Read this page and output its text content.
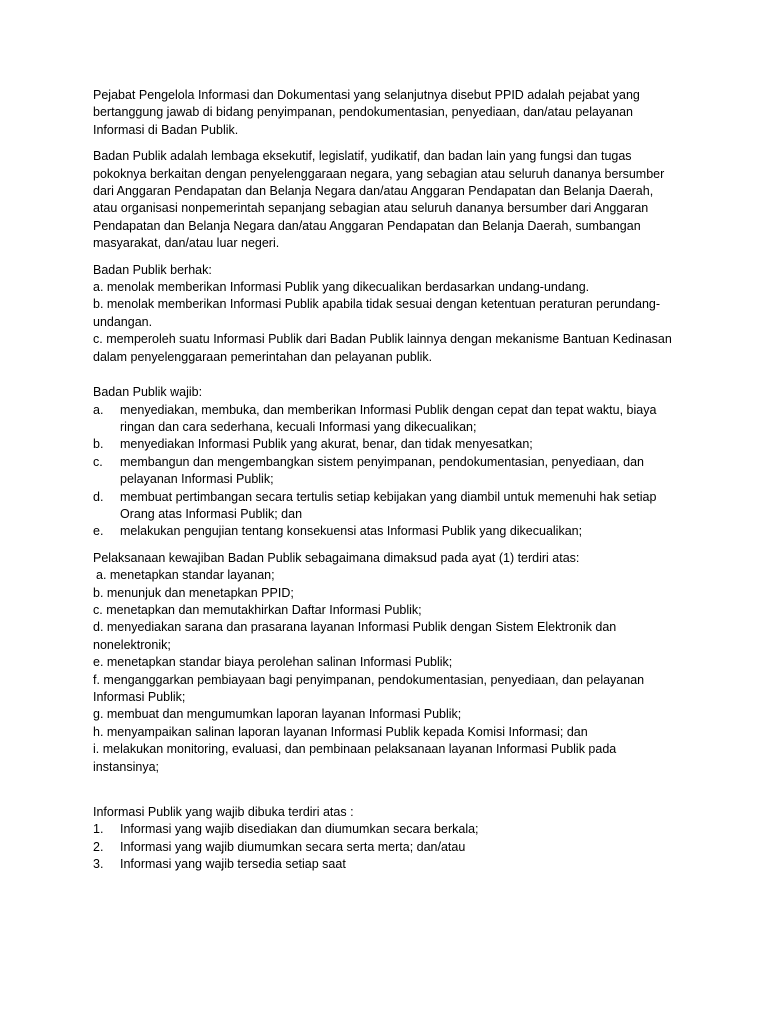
Pejabat Pengelola Informasi dan Dokumentasi yang selanjutnya disebut PPID adalah pejabat yang bertanggung jawab di bidang penyimpanan, pendokumentasian, penyediaan, dan/atau pelayanan Informasi di Badan Publik.

Badan Publik adalah lembaga eksekutif, legislatif, yudikatif, dan badan lain yang fungsi dan tugas pokoknya berkaitan dengan penyelenggaraan negara, yang sebagian atau seluruh dananya bersumber dari Anggaran Pendapatan dan Belanja Negara dan/atau Anggaran Pendapatan dan Belanja Daerah, atau organisasi nonpemerintah sepanjang sebagian atau seluruh dananya bersumber dari Anggaran Pendapatan dan Belanja Negara dan/atau Anggaran Pendapatan dan Belanja Daerah, sumbangan masyarakat, dan/atau luar negeri.

Badan Publik berhak:

a. menolak memberikan Informasi Publik yang dikecualikan berdasarkan undang-undang.

b. menolak memberikan Informasi Publik apabila tidak sesuai dengan ketentuan peraturan perundang-undangan.

c. memperoleh suatu Informasi Publik dari Badan Publik lainnya dengan mekanisme Bantuan Kedinasan dalam penyelenggaraan pemerintahan dan pelayanan publik.

Badan Publik wajib:

a.	menyediakan, membuka, dan memberikan Informasi Publik dengan cepat dan tepat waktu, biaya ringan dan cara sederhana, kecuali Informasi yang dikecualikan;
b.	menyediakan Informasi Publik yang akurat, benar, dan tidak menyesatkan;
c.	membangun dan mengembangkan sistem penyimpanan, pendokumentasian, penyediaan, dan pelayanan Informasi Publik;
d.	membuat pertimbangan secara tertulis setiap kebijakan yang diambil untuk memenuhi hak setiap Orang atas Informasi Publik; dan
e.	melakukan pengujian tentang konsekuensi atas Informasi Publik yang dikecualikan;

Pelaksanaan kewajiban Badan Publik sebagaimana dimaksud pada ayat (1) terdiri atas:

a. menetapkan standar layanan;

b. menunjuk dan menetapkan PPID;

c. menetapkan dan memutakhirkan Daftar Informasi Publik;

d. menyediakan sarana dan prasarana layanan Informasi Publik dengan Sistem Elektronik dan nonelektronik;

e. menetapkan standar biaya perolehan salinan Informasi Publik;

f. menganggarkan pembiayaan bagi penyimpanan, pendokumentasian, penyediaan, dan pelayanan Informasi Publik;

g. membuat dan mengumumkan laporan layanan Informasi Publik;

h. menyampaikan salinan laporan layanan Informasi Publik kepada Komisi Informasi; dan

i. melakukan monitoring, evaluasi, dan pembinaan pelaksanaan layanan Informasi Publik pada instansinya;

Informasi Publik yang wajib dibuka terdiri atas :

1.	Informasi yang wajib disediakan dan diumumkan secara berkala;
2.	Informasi yang wajib diumumkan secara serta merta; dan/atau
3.	Informasi yang wajib tersedia setiap saat
